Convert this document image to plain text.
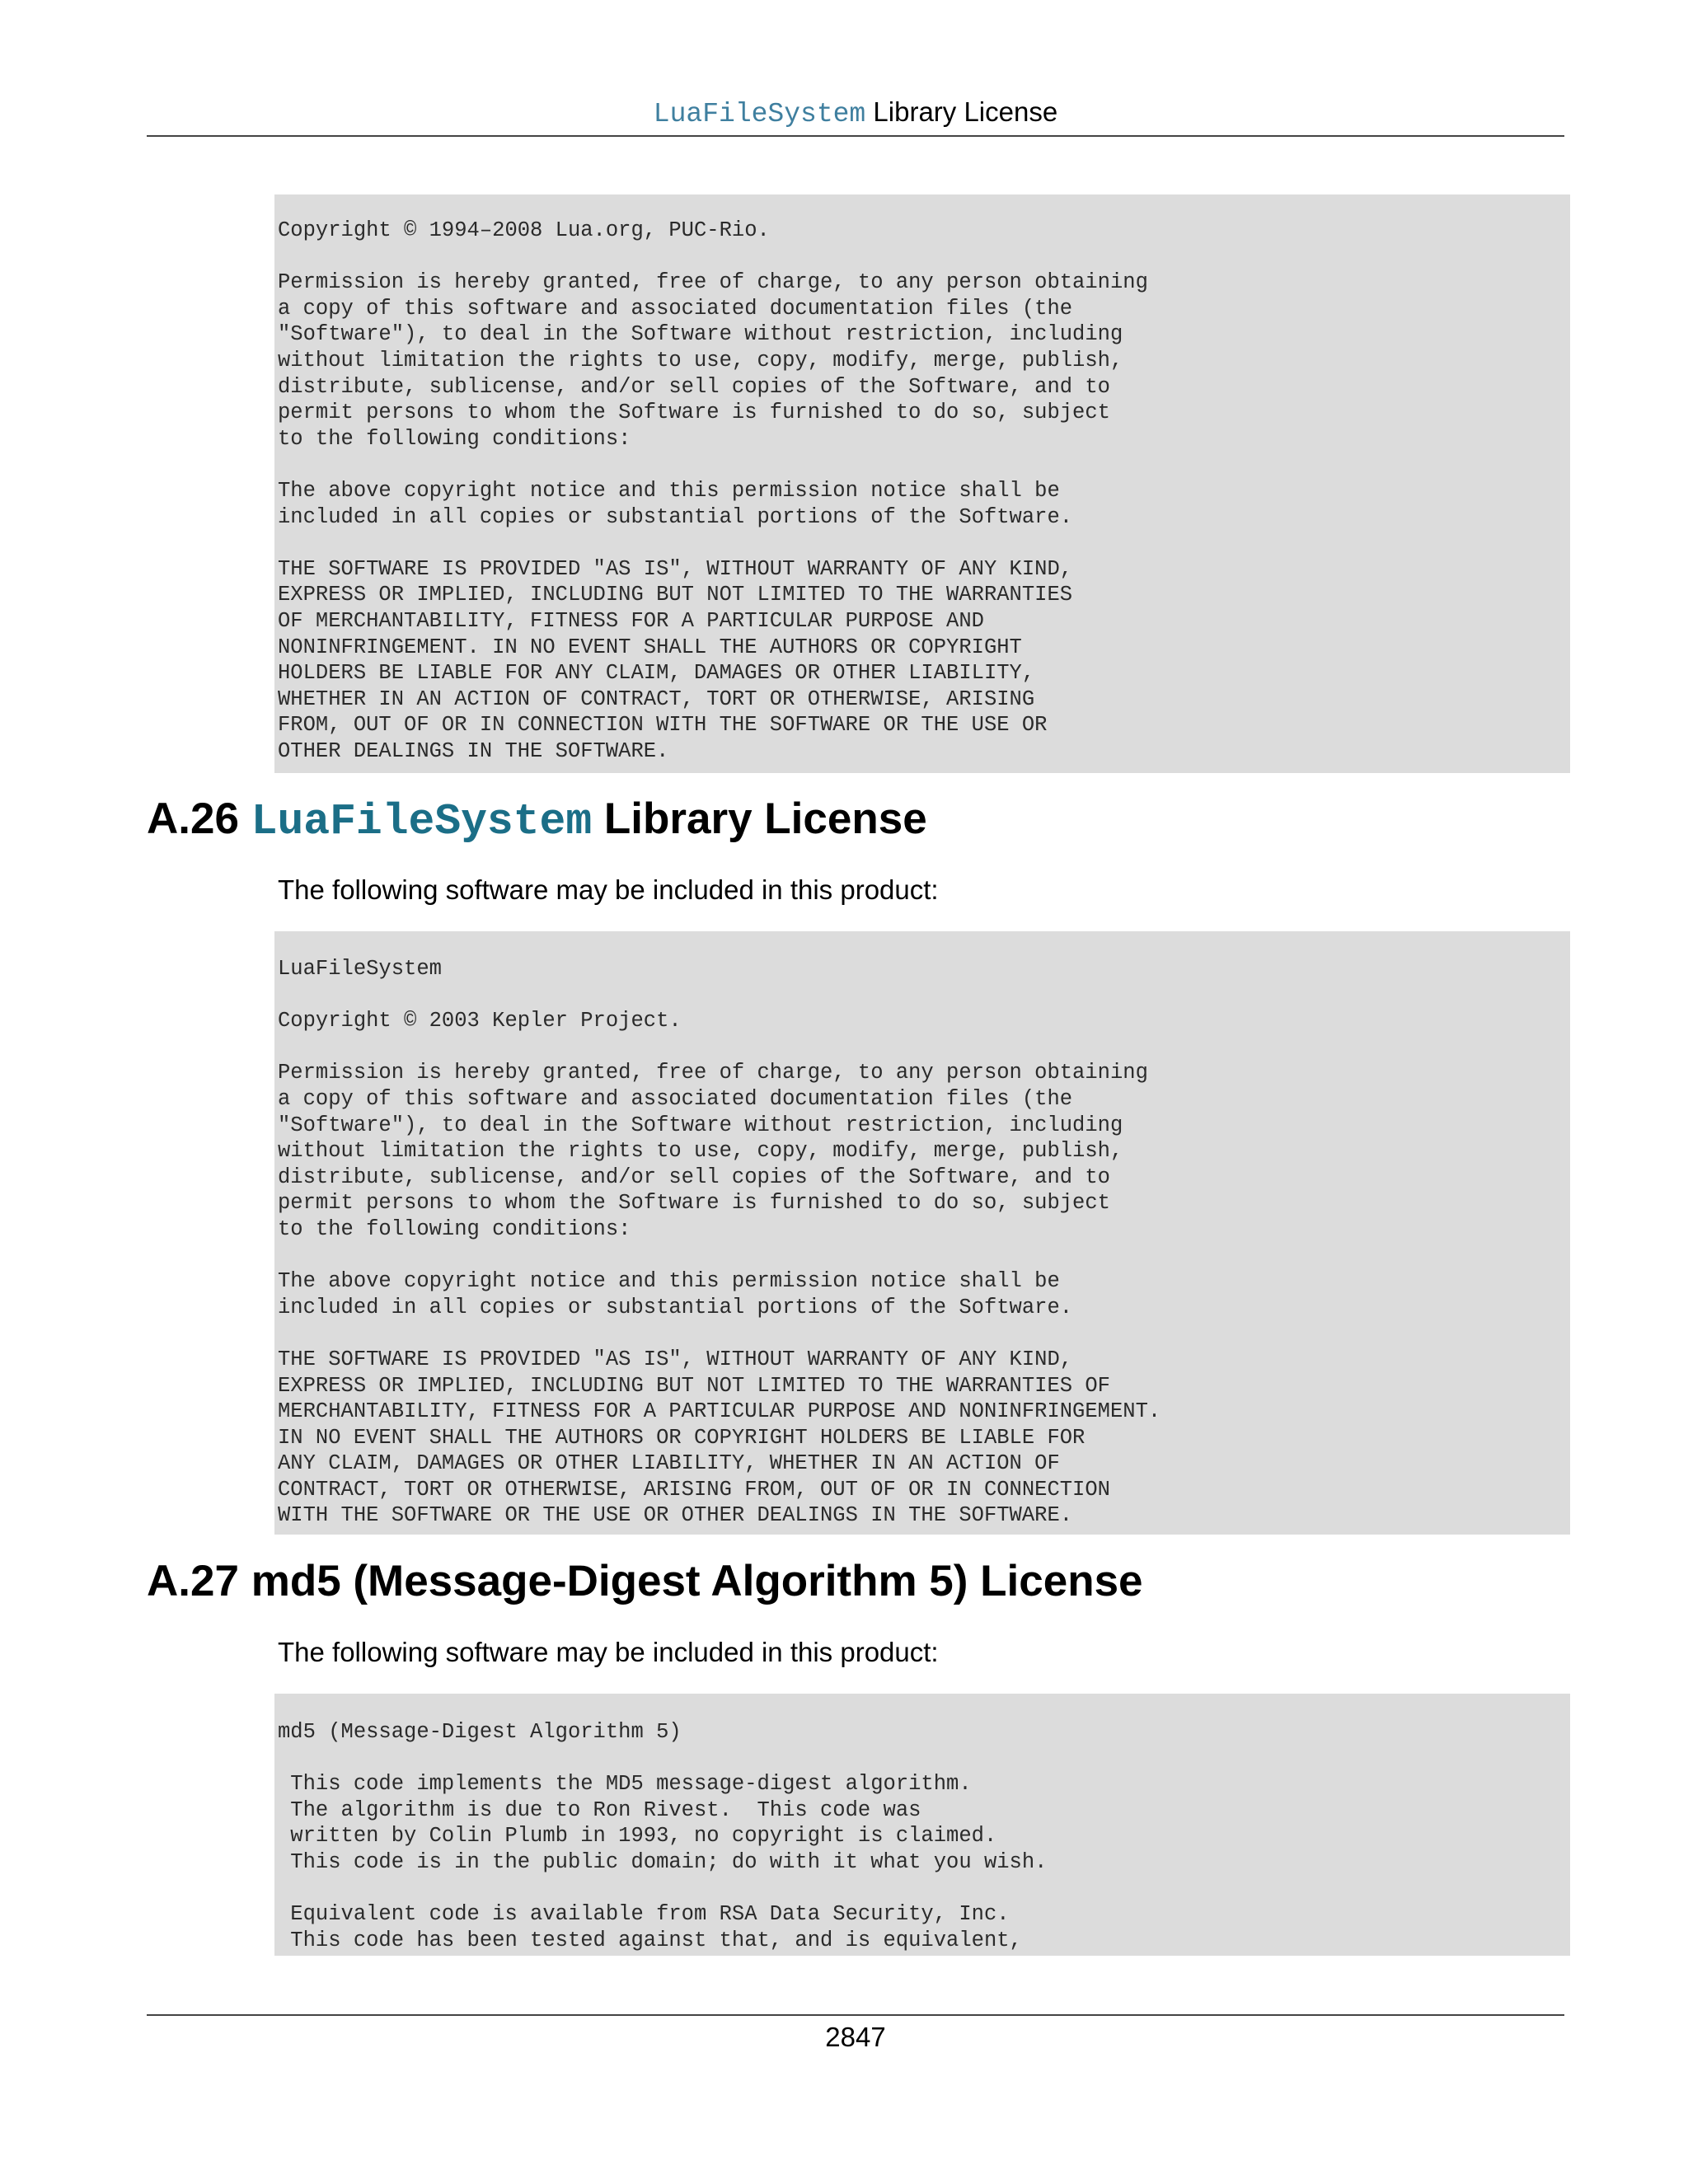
LuaFileSystem Library License
Copyright © 1994–2008 Lua.org, PUC-Rio.

Permission is hereby granted, free of charge, to any person obtaining
a copy of this software and associated documentation files (the
"Software"), to deal in the Software without restriction, including
without limitation the rights to use, copy, modify, merge, publish,
distribute, sublicense, and/or sell copies of the Software, and to
permit persons to whom the Software is furnished to do so, subject
to the following conditions:

The above copyright notice and this permission notice shall be
included in all copies or substantial portions of the Software.

THE SOFTWARE IS PROVIDED "AS IS", WITHOUT WARRANTY OF ANY KIND,
EXPRESS OR IMPLIED, INCLUDING BUT NOT LIMITED TO THE WARRANTIES
OF MERCHANTABILITY, FITNESS FOR A PARTICULAR PURPOSE AND
NONINFRINGEMENT. IN NO EVENT SHALL THE AUTHORS OR COPYRIGHT
HOLDERS BE LIABLE FOR ANY CLAIM, DAMAGES OR OTHER LIABILITY,
WHETHER IN AN ACTION OF CONTRACT, TORT OR OTHERWISE, ARISING
FROM, OUT OF OR IN CONNECTION WITH THE SOFTWARE OR THE USE OR
OTHER DEALINGS IN THE SOFTWARE.
A.26 LuaFileSystem Library License

The following software may be included in this product:

LuaFileSystem

Copyright © 2003 Kepler Project.

Permission is hereby granted, free of charge, to any person obtaining
a copy of this software and associated documentation files (the
"Software"), to deal in the Software without restriction, including
without limitation the rights to use, copy, modify, merge, publish,
distribute, sublicense, and/or sell copies of the Software, and to
permit persons to whom the Software is furnished to do so, subject
to the following conditions:

The above copyright notice and this permission notice shall be
included in all copies or substantial portions of the Software.

THE SOFTWARE IS PROVIDED "AS IS", WITHOUT WARRANTY OF ANY KIND,
EXPRESS OR IMPLIED, INCLUDING BUT NOT LIMITED TO THE WARRANTIES OF
MERCHANTABILITY, FITNESS FOR A PARTICULAR PURPOSE AND NONINFRINGEMENT.
IN NO EVENT SHALL THE AUTHORS OR COPYRIGHT HOLDERS BE LIABLE FOR
ANY CLAIM, DAMAGES OR OTHER LIABILITY, WHETHER IN AN ACTION OF
CONTRACT, TORT OR OTHERWISE, ARISING FROM, OUT OF OR IN CONNECTION
WITH THE SOFTWARE OR THE USE OR OTHER DEALINGS IN THE SOFTWARE.
A.27 md5 (Message-Digest Algorithm 5) License

The following software may be included in this product:

md5 (Message-Digest Algorithm 5)

This code implements the MD5 message-digest algorithm.
The algorithm is due to Ron Rivest.  This code was
written by Colin Plumb in 1993, no copyright is claimed.
This code is in the public domain; do with it what you wish.

Equivalent code is available from RSA Data Security, Inc.
This code has been tested against that, and is equivalent,
2847
